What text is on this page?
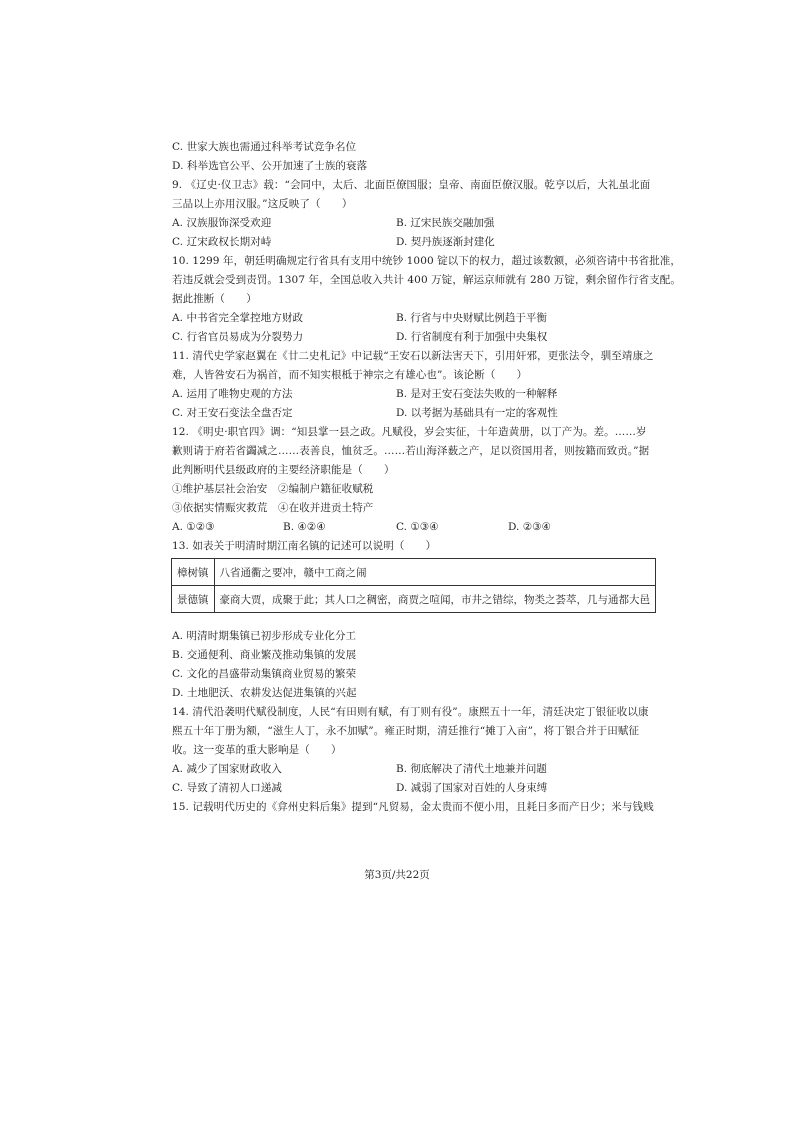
C. 世家大族也需通过科举考试竞争名位
D. 科举选官公平、公开加速了士族的衰落
9. 《辽史·仪卫志》载：“会同中，太后、北面臣僚国服；皇帝、南面臣僚汉服。乾亨以后，大礼虽北面
三品以上亦用汉服。”这反映了（　　）
A. 汉族服饰深受欢迎	B. 辽宋民族交融加强
C. 辽宋政权长期对峙	D. 契丹族逐渐封建化
10. 1299 年，朝廷明确规定行省具有支用中统钞 1000 锭以下的权力，超过该数额，必须咨请中书省批准，
若违反就会受到责罚。1307 年，全国总收入共计 400 万锭，解运京师就有 280 万锭，剩余留作行省支配。
据此推断（　　）
A. 中书省完全掌控地方财政	B. 行省与中央财赋比例趋于平衡
C. 行省官员易成为分裂势力	D. 行省制度有利于加强中央集权
11. 清代史学家赵翼在《廿二史札记》中记载“王安石以新法害天下，引用奸邪，更张法令，驯至靖康之
难，人皆咎安石为祸首，而不知实根柢于神宗之有雄心也”。该论断（　　）
A. 运用了唯物史观的方法	B. 是对王安石变法失败的一种解释
C. 对王安石变法全盘否定	D. 以考据为基础具有一定的客观性
12. 《明史·职官四》调：“知县掌一县之政。凡赋役，岁会实征，十年造黄册，以丁产为。差。……岁
歉则请于府若省蠲减之……表善良，恤贫乏。……若山海泽薮之产，足以资国用者，则按籍而致贡。”据
此判断明代县级政府的主要经济职能是（　　）
①维护基层社会治安　②编制户籍征收赋税
③依据实情赈灾救荒　④在收并进贡土特产
A. ①②③	B. ④②④	C. ①③④	D. ②③④
13. 如表关于明清时期江南名镇的记述可以说明（　　）
樟树镇	八省通衢之要冲，赣中工商之闹
景德镇	豪商大贾，成聚于此；其人口之稠密，商贾之喧闻，市井之错综，物类之荟萃，几与通都大邑
A. 明清时期集镇已初步形成专业化分工
B. 交通便利、商业繁茂推动集镇的发展
C. 文化的昌盛带动集镇商业贸易的繁荣
D. 土地肥沃、农耕发达促进集镇的兴起
14. 清代沿袭明代赋役制度，人民“有田则有赋，有丁则有役”。康熙五十一年，清廷决定丁银征收以康
熙五十年丁册为额，“滋生人丁，永不加赋”。雍正时期，清廷推行“摊丁入亩”，将丁银合并于田赋征
收。这一变革的重大影响是（　　）
A. 减少了国家财政收入	B. 彻底解决了清代土地兼并问题
C. 导致了清初人口递减	D. 减弱了国家对百姓的人身束缚
15. 记载明代历史的《弇州史料后集》提到“凡贸易，金太贵而不便小用，且耗日多而产日少；米与钱贱
第3页/共22页
